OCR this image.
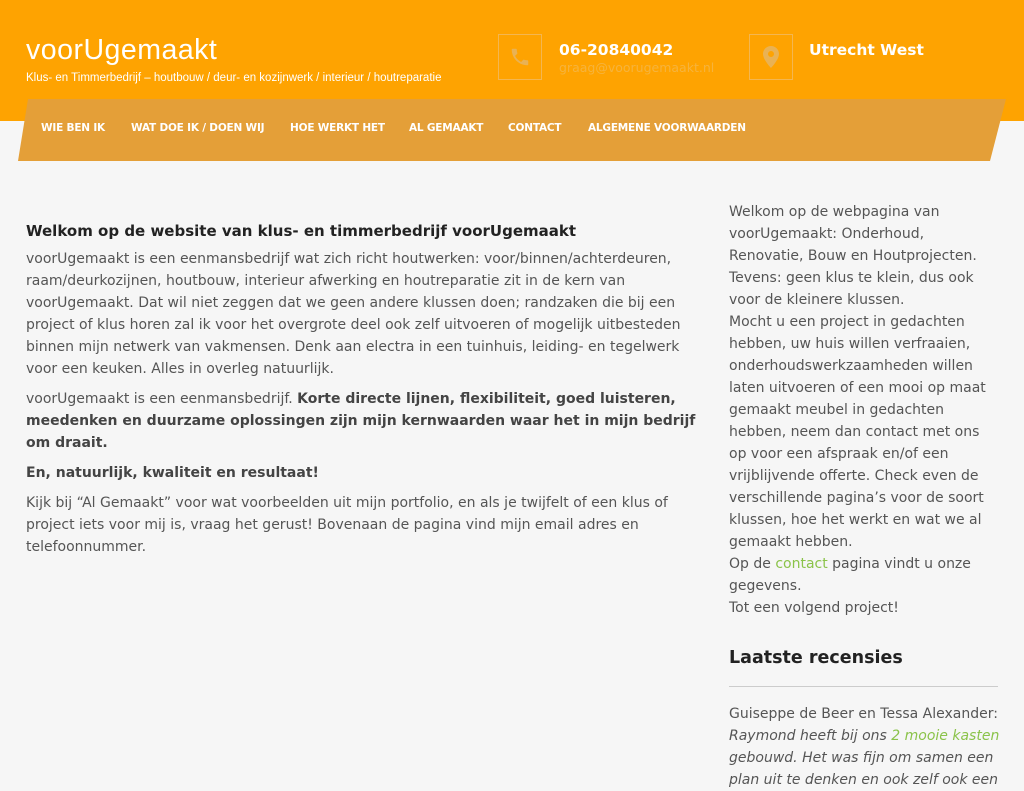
voorUgemaakt
Klus- en Timmerbedrijf – houtbouw / deur- en kozijnwerk / interieur / houtreparatie
06-20840042
graag@voorugemaakt.nl
Utrecht West
WIE BEN IK WAT DOE IK / DOEN WIJ HOE WERKT HET AL GEMAAKT CONTACT	ALGEMENE VOORWAARDEN
Welkom op de website van klus- en timmerbedrijf voorUgemaakt

voorUgemaakt is een eenmansbedrijf wat zich richt houtwerken: voor/binnen/achterdeuren, raam/deurkozijnen, houtbouw, interieur afwerking en houtreparatie zit in de kern van voorUgemaakt. Dat wil niet zeggen dat we geen andere klussen doen; randzaken die bij een project of klus horen zal ik voor het overgrote deel ook zelf uitvoeren of mogelijk uitbesteden binnen mijn netwerk van vakmensen. Denk aan electra in een tuinhuis, leiding- en tegelwerk voor een keuken. Alles in overleg natuurlijk.

voorUgemaakt is een eenmansbedrijf. Korte directe lijnen, flexibiliteit, goed luisteren, meedenken en duurzame oplossingen zijn mijn kernwaarden waar het in mijn bedrijf om draait.

En, natuurlijk, kwaliteit en resultaat!

Kijk bij “Al Gemaakt” voor wat voorbeelden uit mijn portfolio, en als je twijfelt of een klus of project iets voor mij is, vraag het gerust! Bovenaan de pagina vind mijn email adres en telefoonnummer.

Welkom op de webpagina van voorUgemaakt: Onderhoud, Renovatie, Bouw en Houtprojecten. Tevens: geen klus te klein, dus ook voor de kleinere klussen.

Mocht u een project in gedachten hebben, uw huis willen verfraaien, onderhoudswerkzaamheden willen laten uitvoeren of een mooi op maat gemaakt meubel in gedachten hebben, neem dan contact met ons op voor een afspraak en/of een vrijblijvende offerte. Check even de verschillende pagina’s voor de soort klussen, hoe het werkt en wat we al gemaakt hebben.

Op de contact pagina vindt u onze gegevens.

Tot een volgend project!

Laatste recensies

Guiseppe de Beer en Tessa Alexander:

Raymond heeft bij ons 2 mooie kasten gebouwd. Het was fijn om samen een plan uit te denken en ook zelf ook een
